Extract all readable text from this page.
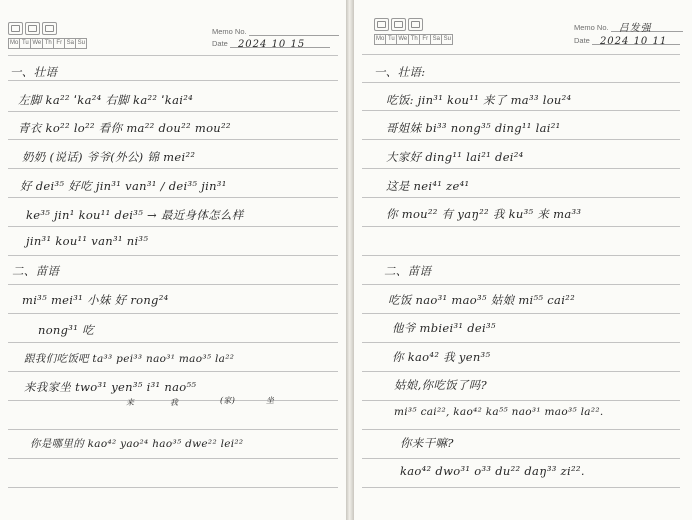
Mo Tu We Th Fr Sa Su
Memo No.
Date 2024 10 15
一、壮语
左脚 ka²² ˈka²⁴ 右脚 ka²² ˈkai²⁴
青衣 ko²² lo²² 看你 ma²² dou²² mou²²
奶奶 (说话) 爷爷(外公) 锦 mei²²
好 dei³⁵ 好吃 jin³¹ van³¹ / dei³⁵ jin³¹
ke³⁵ jin¹ kou¹¹ dei³⁵ → 最近身体怎么样
jin³¹ kou¹¹ van³¹ ni³⁵
二、苗语
mi³⁵ mei³¹ 小妹 好 rong²⁴
nong³¹ 吃
跟我们吃饭吧 ta³³ pei³³ nao³¹ mao³⁵ la²²
来我家坐 two³¹ yen³⁵ i³¹ nao⁵⁵
来	我	(家)	坐
你是哪里的 kao⁴² yao²⁴ hao³⁵ dwe²² lei²²
Mo Tu We Th Fr Sa Su
Memo No. 吕发强
Date 2024 10 11
一、壮语:
吃饭: jin³¹ kou¹¹ 来了 ma³³ lou²⁴
哥姐妹 bi³³ nong³⁵ ding¹¹ lai²¹
大家好 ding¹¹ lai²¹ dei²⁴
这是 nei⁴¹ ze⁴¹
你 mou²² 有 yaŋ²² 我 ku³⁵ 来 ma³³
二、苗语
吃饭 nao³¹ mao³⁵ 姑娘 mi⁵⁵ cai²²
他爷 mbiei³¹ dei³⁵
你 kao⁴² 我 yen³⁵
姑娘,你吃饭了吗?
mi³⁵ cai²², kao⁴² ka⁵⁵ nao³¹ mao³⁵ la²².
你来干嘛?
kao⁴² dwo³¹ o³³ du²² daŋ³³ zi²².
